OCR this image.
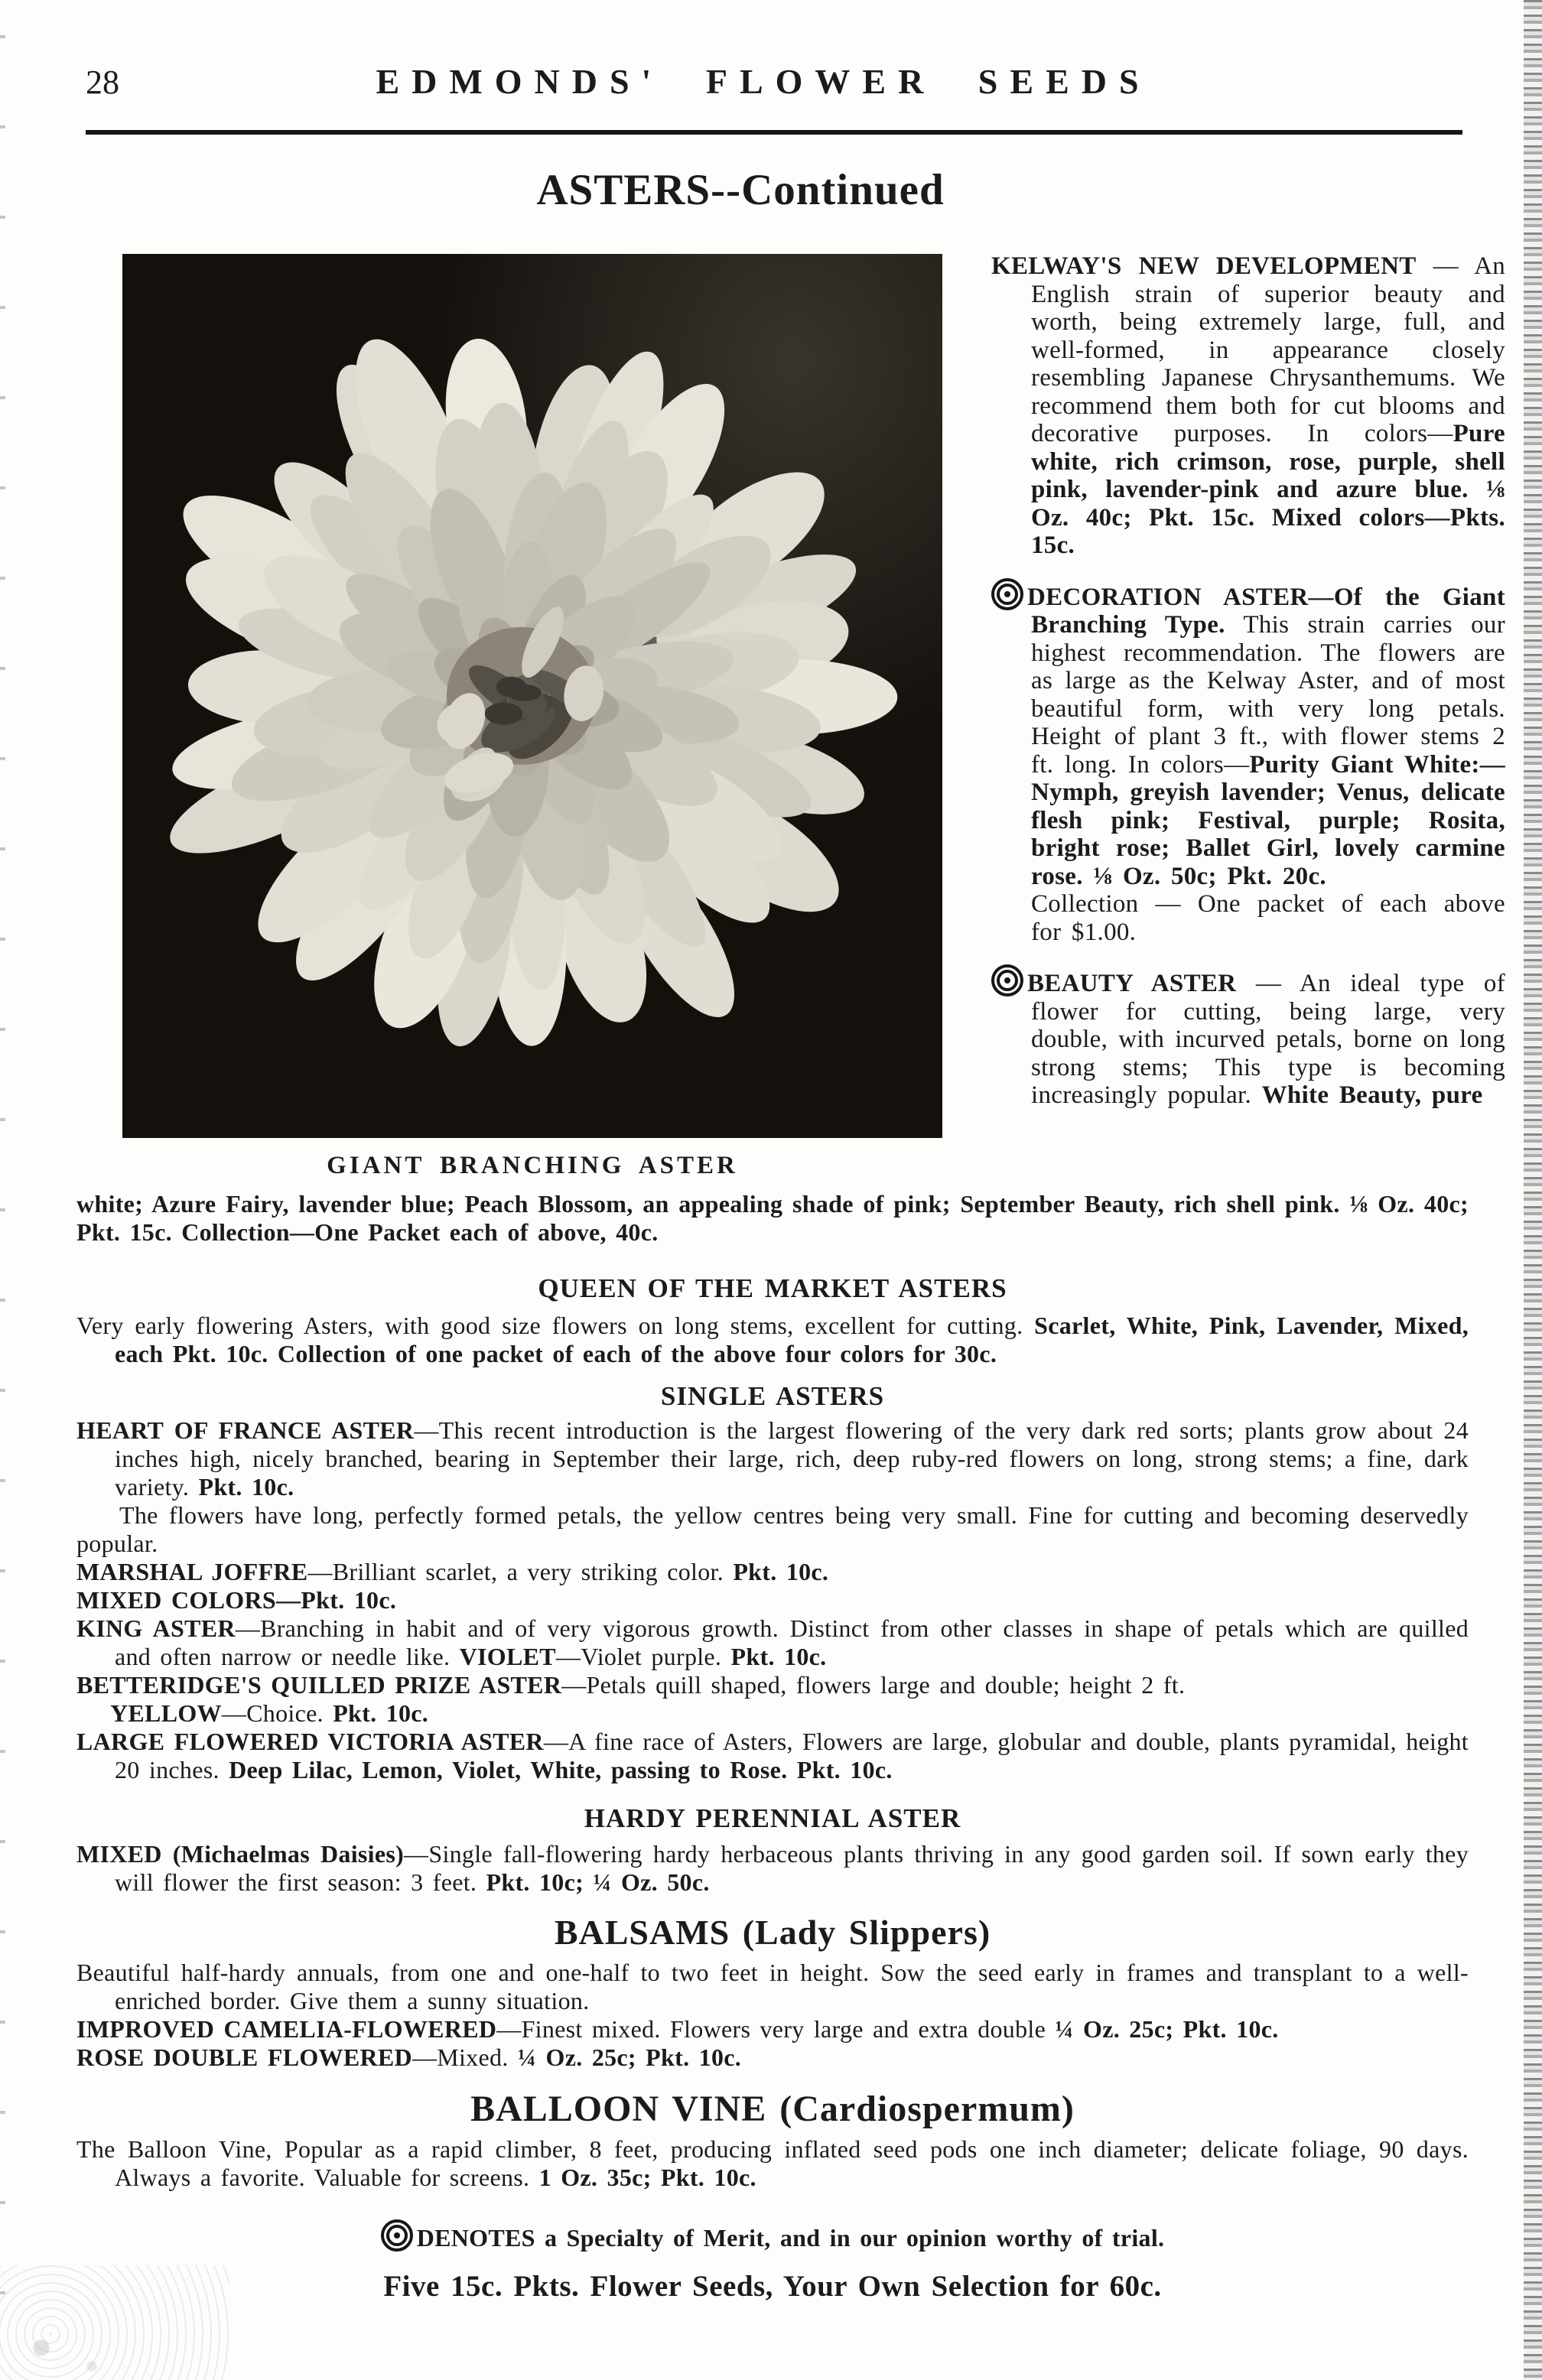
28	EDMONDS' FLOWER SEEDS
ASTERS--Continued
GIANT BRANCHING ASTER

KELWAY'S NEW DEVELOPMENT — An English strain of superior beauty and worth, being extremely large, full, and well-formed, in appearance closely resembling Japanese Chrysanthemums. We recommend them both for cut blooms and decorative purposes. In colors—Pure white, rich crimson, rose, purple, shell pink, lavender-pink and azure blue. ⅛ Oz. 40c; Pkt. 15c. Mixed colors—Pkts. 15c.

DECORATION ASTER—Of the Giant Branching Type. This strain carries our highest recommendation. The flowers are as large as the Kelway Aster, and of most beautiful form, with very long petals. Height of plant 3 ft., with flower stems 2 ft. long. In colors—Purity Giant White:—Nymph, greyish lavender; Venus, delicate flesh pink; Festival, purple; Rosita, bright rose; Ballet Girl, lovely carmine rose. ⅛ Oz. 50c; Pkt. 20c.

Collection — One packet of each above for $1.00.

BEAUTY ASTER — An ideal type of flower for cutting, being large, very double, with incurved petals, borne on long strong stems; This type is becoming increasingly popular. White Beauty, pure

white; Azure Fairy, lavender blue; Peach Blossom, an appealing shade of pink; September Beauty, rich shell pink. ⅛ Oz. 40c; Pkt. 15c. Collection—One Packet each of above, 40c.

QUEEN OF THE MARKET ASTERS

Very early flowering Asters, with good size flowers on long stems, excellent for cutting. Scarlet, White, Pink, Lavender, Mixed, each Pkt. 10c. Collection of one packet of each of the above four colors for 30c.

SINGLE ASTERS

HEART OF FRANCE ASTER—This recent introduction is the largest flowering of the very dark red sorts; plants grow about 24 inches high, nicely branched, bearing in September their large, rich, deep ruby-red flowers on long, strong stems; a fine, dark variety. Pkt. 10c.

The flowers have long, perfectly formed petals, the yellow centres being very small. Fine for cutting and becoming deservedly popular.

MARSHAL JOFFRE—Brilliant scarlet, a very striking color. Pkt. 10c.

MIXED COLORS—Pkt. 10c.

KING ASTER—Branching in habit and of very vigorous growth. Distinct from other classes in shape of petals which are quilled and often narrow or needle like. VIOLET—Violet purple. Pkt. 10c.

BETTERIDGE'S QUILLED PRIZE ASTER—Petals quill shaped, flowers large and double; height 2 ft.

YELLOW—Choice. Pkt. 10c.

LARGE FLOWERED VICTORIA ASTER—A fine race of Asters, Flowers are large, globular and double, plants pyramidal, height 20 inches. Deep Lilac, Lemon, Violet, White, passing to Rose. Pkt. 10c.

HARDY PERENNIAL ASTER

MIXED (Michaelmas Daisies)—Single fall-flowering hardy herbaceous plants thriving in any good garden soil. If sown early they will flower the first season: 3 feet. Pkt. 10c; ¼ Oz. 50c.

BALSAMS (Lady Slippers)

Beautiful half-hardy annuals, from one and one-half to two feet in height. Sow the seed early in frames and transplant to a well-enriched border. Give them a sunny situation.

IMPROVED CAMELIA-FLOWERED—Finest mixed. Flowers very large and extra double ¼ Oz. 25c; Pkt. 10c.

ROSE DOUBLE FLOWERED—Mixed. ¼ Oz. 25c; Pkt. 10c.

BALLOON VINE (Cardiospermum)

The Balloon Vine, Popular as a rapid climber, 8 feet, producing inflated seed pods one inch diameter; delicate foliage, 90 days. Always a favorite. Valuable for screens. 1 Oz. 35c; Pkt. 10c.

DENOTES a Specialty of Merit, and in our opinion worthy of trial.

Five 15c. Pkts. Flower Seeds, Your Own Selection for 60c.
